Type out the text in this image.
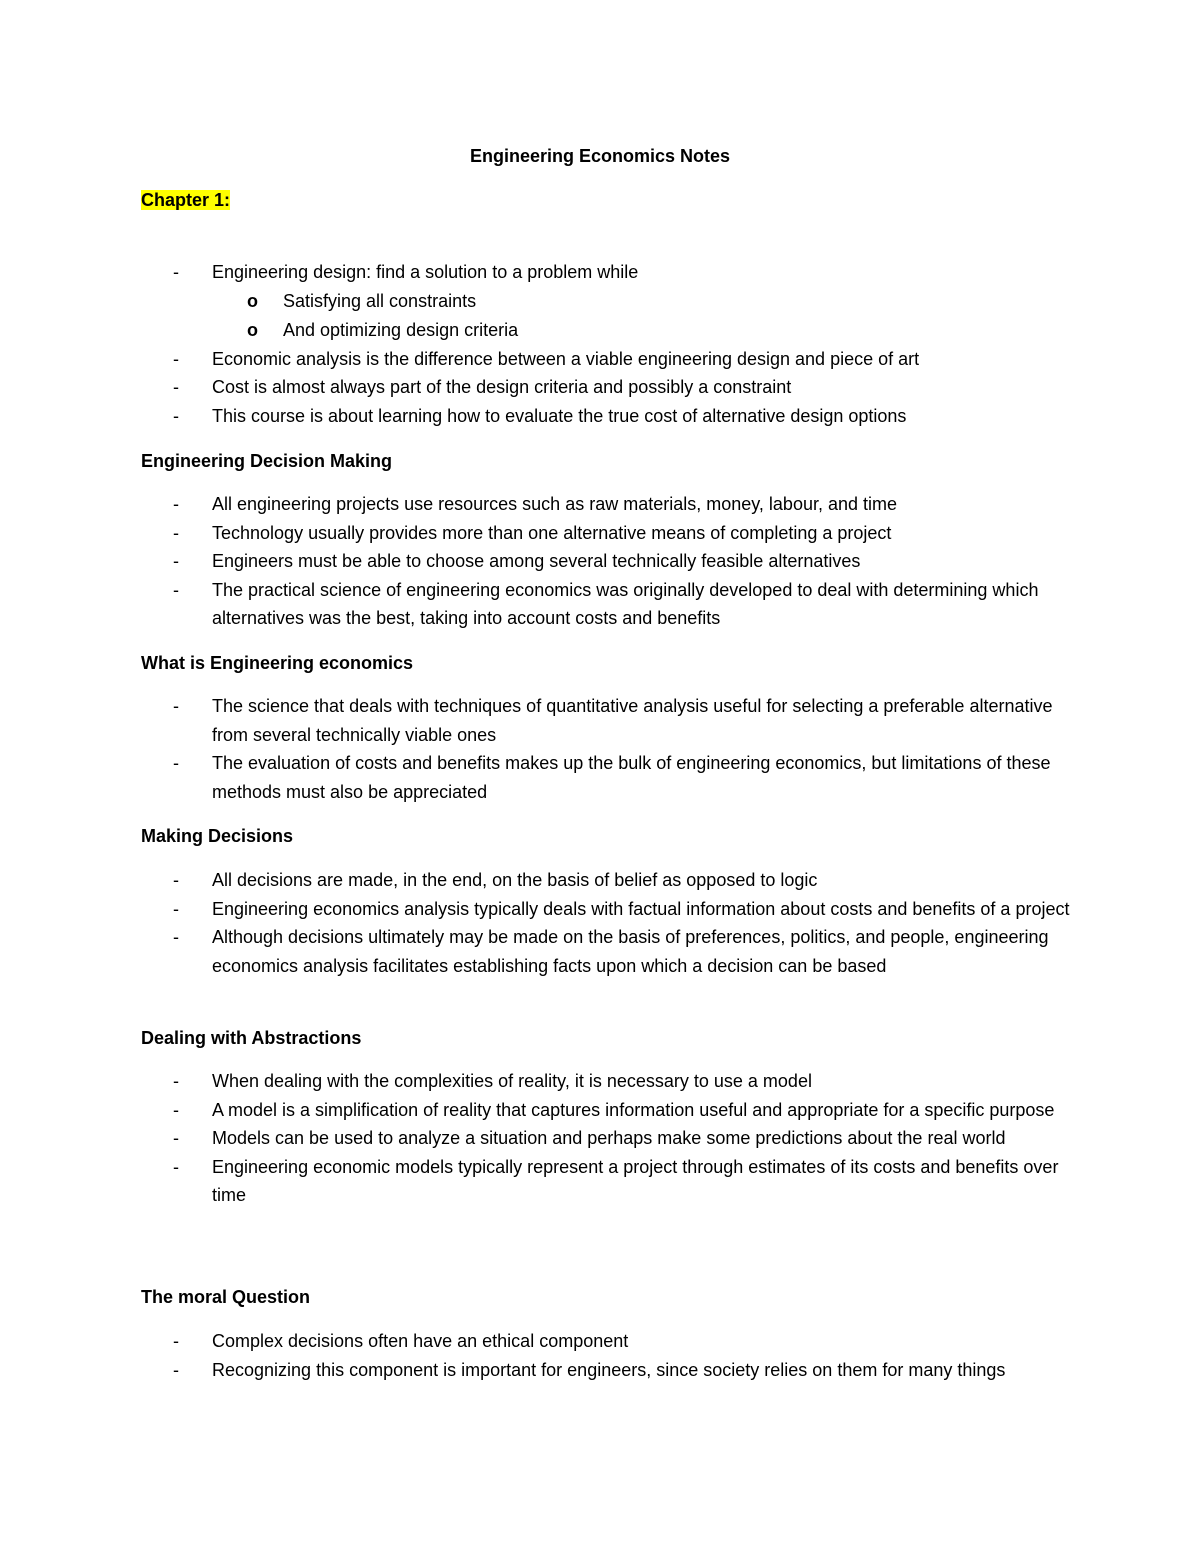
Engineering Economics Notes
Chapter 1:
- Engineering design: find a solution to a problem while
o Satisfying all constraints
o And optimizing design criteria
- Economic analysis is the difference between a viable engineering design and piece of art
- Cost is almost always part of the design criteria and possibly a constraint
- This course is about learning how to evaluate the true cost of alternative design options
Engineering Decision Making
- All engineering projects use resources such as raw materials, money, labour, and time
- Technology usually provides more than one alternative means of completing a project
- Engineers must be able to choose among several technically feasible alternatives
- The practical science of engineering economics was originally developed to deal with determining which alternatives was the best, taking into account costs and benefits
What is Engineering economics
- The science that deals with techniques of quantitative analysis useful for selecting a preferable alternative from several technically viable ones
- The evaluation of costs and benefits makes up the bulk of engineering economics, but limitations of these methods must also be appreciated
Making Decisions
- All decisions are made, in the end, on the basis of belief as opposed to logic
- Engineering economics analysis typically deals with factual information about costs and benefits of a project
- Although decisions ultimately may be made on the basis of preferences, politics, and people, engineering economics analysis facilitates establishing facts upon which a decision can be based
Dealing with Abstractions
- When dealing with the complexities of reality, it is necessary to use a model
- A model is a simplification of reality that captures information useful and appropriate for a specific purpose
- Models can be used to analyze a situation and perhaps make some predictions about the real world
- Engineering economic models typically represent a project through estimates of its costs and benefits over time
The moral Question
- Complex decisions often have an ethical component
- Recognizing this component is important for engineers, since society relies on them for many things
